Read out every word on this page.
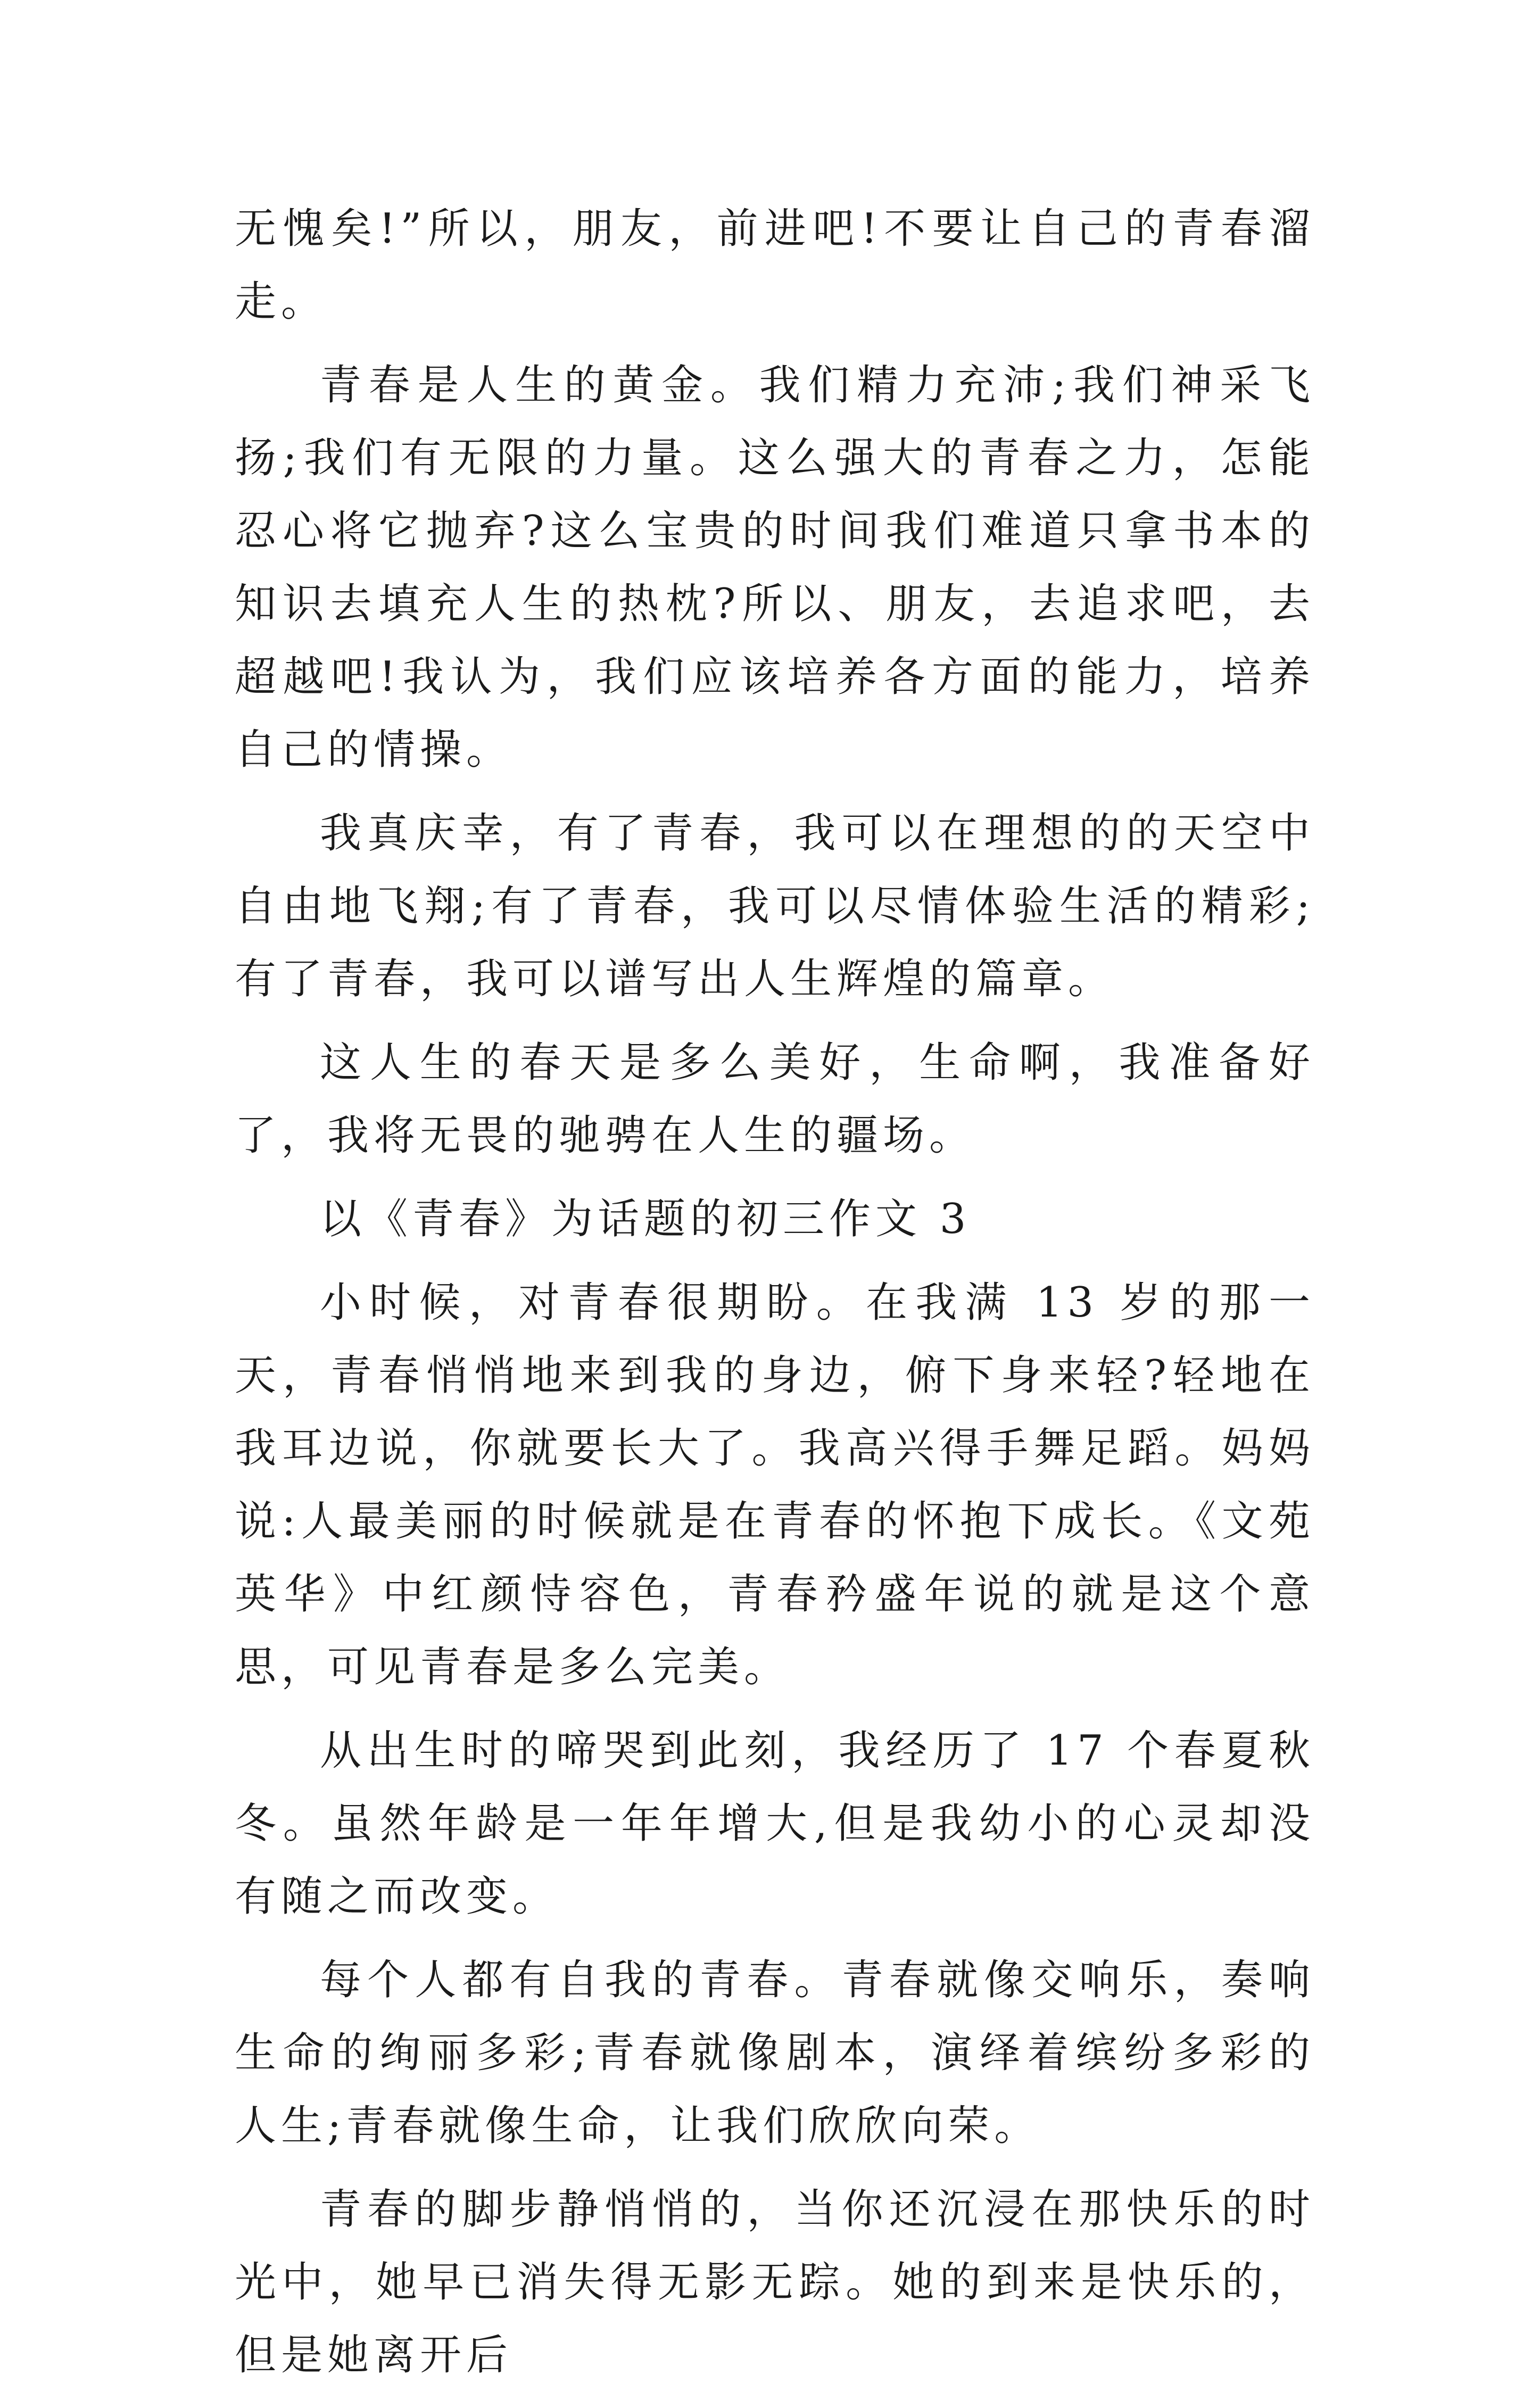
无愧矣!”所以，朋友，前进吧!不要让自己的青春溜走。

青春是人生的黄金。我们精力充沛;我们神采飞扬;我们有无限的力量。这么强大的青春之力，怎能忍心将它抛弃?这么宝贵的时间我们难道只拿书本的知识去填充人生的热枕?所以、朋友，去追求吧，去超越吧!我认为，我们应该培养各方面的能力，培养自己的情操。

我真庆幸，有了青春，我可以在理想的的天空中自由地飞翔;有了青春，我可以尽情体验生活的精彩;有了青春，我可以谱写出人生辉煌的篇章。

这人生的春天是多么美好，生命啊，我准备好了，我将无畏的驰骋在人生的疆场。

以《青春》为话题的初三作文 3

小时候，对青春很期盼。在我满 13 岁的那一天，青春悄悄地来到我的身边，俯下身来轻?轻地在我耳边说，你就要长大了。我高兴得手舞足蹈。妈妈说:人最美丽的时候就是在青春的怀抱下成长。《文苑英华》中红颜恃容色，青春矜盛年说的就是这个意思，可见青春是多么完美。

从出生时的啼哭到此刻，我经历了 17 个春夏秋冬。虽然年龄是一年年增大,但是我幼小的心灵却没有随之而改变。

每个人都有自我的青春。青春就像交响乐，奏响生命的绚丽多彩;青春就像剧本，演绎着缤纷多彩的人生;青春就像生命，让我们欣欣向荣。

青春的脚步静悄悄的，当你还沉浸在那快乐的时光中，她早已消失得无影无踪。她的到来是快乐的，但是她离开后
